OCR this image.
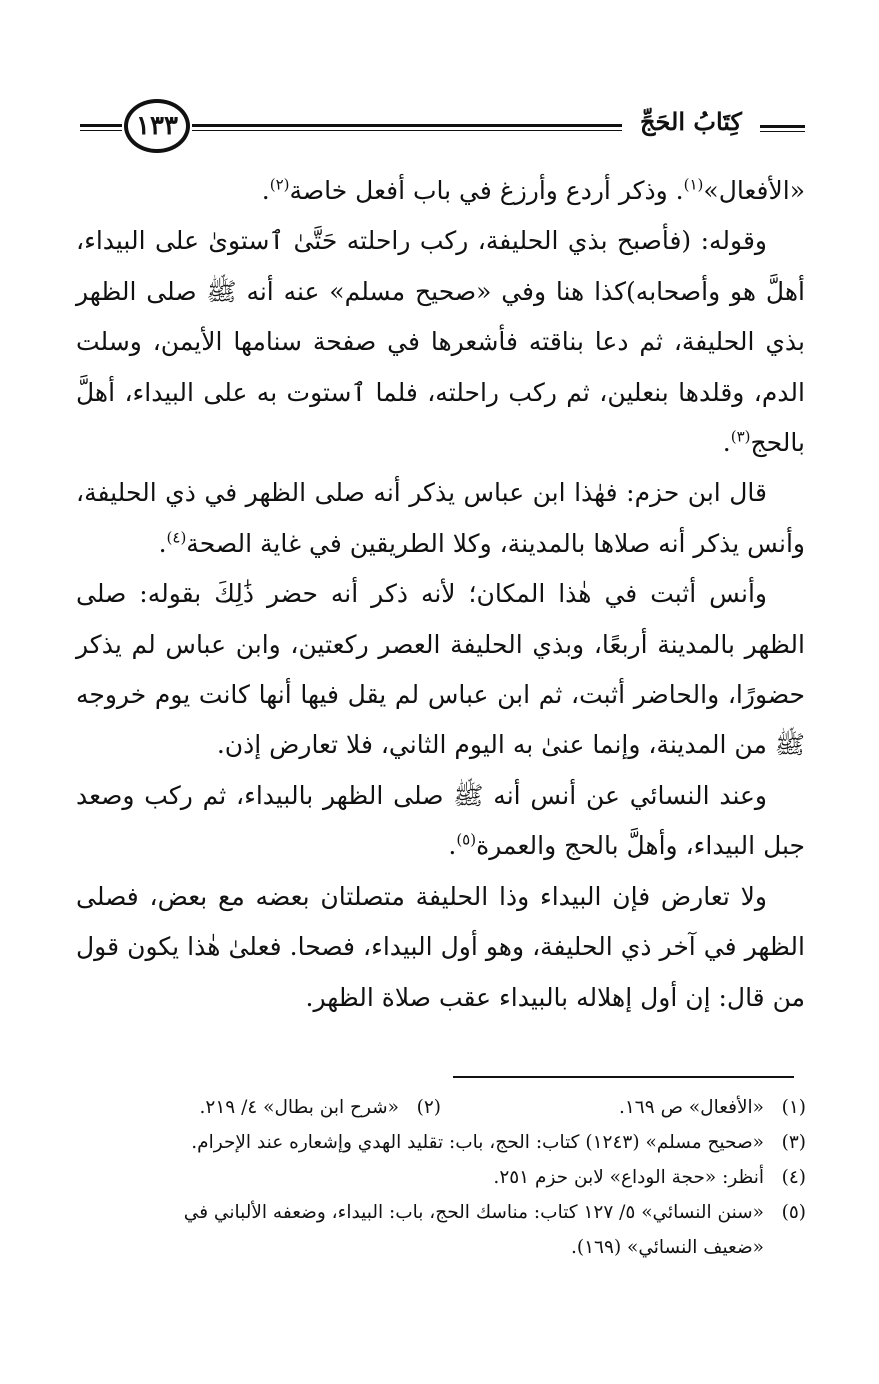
كِتَابُ الحَجِّ
١٣٣

«الأفعال»$^{(١)}$. وذكر أردع وأرزغ في باب أفعل خاصة$^{(٢)}$.

وقوله: (فأصبح بذي الحليفة، ركب راحلته حَتَّىٰ ٱستوىٰ على البيداء، أهلَّ هو وأصحابه)كذا هنا وفي «صحيح مسلم» عنه أنه ﷺ صلى الظهر بذي الحليفة، ثم دعا بناقته فأشعرها في صفحة سنامها الأيمن، وسلت الدم، وقلدها بنعلين، ثم ركب راحلته، فلما ٱستوت به على البيداء، أهلَّ بالحج$^{(٣)}$.

قال ابن حزم: فهٰذا ابن عباس يذكر أنه صلى الظهر في ذي الحليفة، وأنس يذكر أنه صلاها بالمدينة، وكلا الطريقين في غاية الصحة$^{(٤)}$.

وأنس أثبت في هٰذا المكان؛ لأنه ذكر أنه حضر ذَٰلِكَ بقوله: صلى الظهر بالمدينة أربعًا، وبذي الحليفة العصر ركعتين، وابن عباس لم يذكر حضورًا، والحاضر أثبت، ثم ابن عباس لم يقل فيها أنها كانت يوم خروجه ﷺ من المدينة، وإنما عنىٰ به اليوم الثاني، فلا تعارض إذن.

وعند النسائي عن أنس أنه ﷺ صلى الظهر بالبيداء، ثم ركب وصعد جبل البيداء، وأهلَّ بالحج والعمرة$^{(٥)}$.

ولا تعارض فإن البيداء وذا الحليفة متصلتان بعضه مع بعض، فصلى الظهر في آخر ذي الحليفة، وهو أول البيداء، فصحا. فعلىٰ هٰذا يكون قول من قال: إن أول إهلاله بالبيداء عقب صلاة الظهر.

(١)
«الأفعال» ص ١٦٩.
(٢)
«شرح ابن بطال» ٤/ ٢١٩.
(٣)
«صحيح مسلم» (١٢٤٣) كتاب: الحج، باب: تقليد الهدي وإشعاره عند الإحرام.
(٤)
أنظر: «حجة الوداع» لابن حزم ٢٥١.
(٥)
«سنن النسائي» ٥/ ١٢٧ كتاب: مناسك الحج، باب: البيداء، وضعفه الألباني في
«ضعيف النسائي» (١٦٩).
